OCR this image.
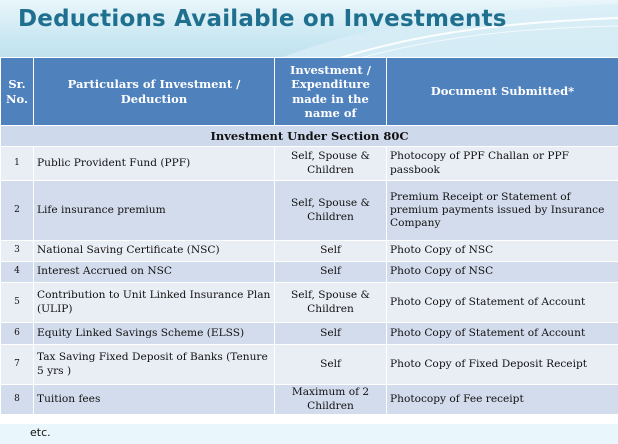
Deductions Available on Investments
Sr. No.	Particulars of Investment / Deduction	Investment / Expenditure made in the name of	Document Submitted*
Investment Under Section 80C			
1	Public Provident Fund (PPF)	Self, Spouse & Children	Photocopy of PPF Challan or PPF passbook
2	Life insurance premium	Self, Spouse & Children	Premium Receipt or Statement of premium payments issued by Insurance Company
3	National Saving Certificate (NSC)	Self	Photo Copy of NSC
4	Interest Accrued on NSC	Self	Photo Copy of NSC
5	Contribution to Unit Linked Insurance Plan (ULIP)	Self, Spouse & Children	Photo Copy of Statement of Account
6	Equity Linked Savings Scheme (ELSS)	Self	Photo Copy of Statement of Account
7	Tax Saving Fixed Deposit of Banks (Tenure 5 yrs )	Self	Photo Copy of Fixed Deposit Receipt
8	Tuition fees	Maximum of 2 Children	Photocopy of Fee receipt
etc.
